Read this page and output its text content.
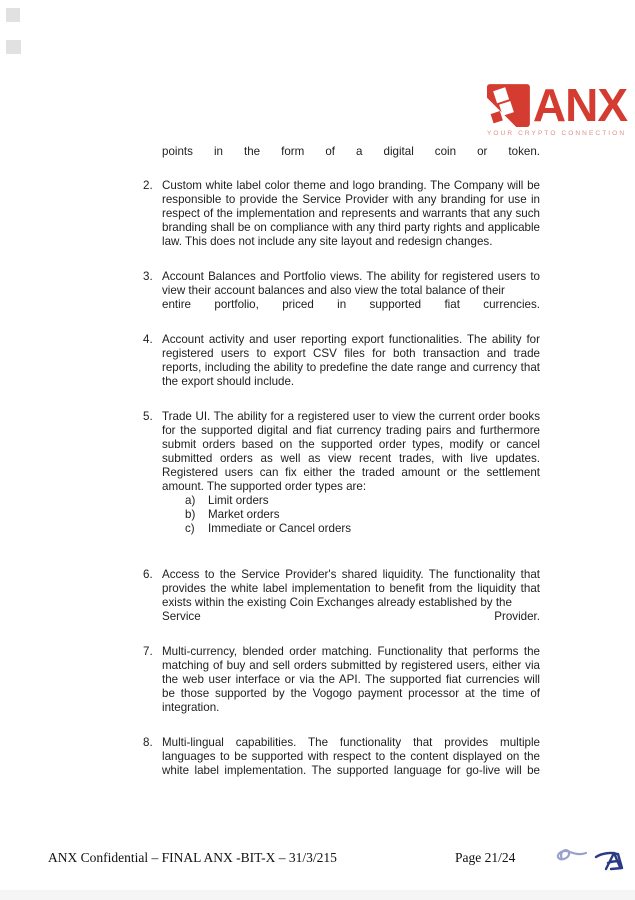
ANX
YOUR CRYPTO CONNECTION
points in the form of a digital coin or token.
2. Custom white label color theme and logo branding. The Company will be responsible to provide the Service Provider with any branding for use in respect of the implementation and represents and warrants that any such branding shall be on compliance with any third party rights and applicable law. This does not include any site layout and redesign changes.
3. Account Balances and Portfolio views. The ability for registered users to view their account balances and also view the total balance of their
entire portfolio, priced in supported fiat currencies.
4. Account activity and user reporting export functionalities. The ability for registered users to export CSV files for both transaction and trade reports, including the ability to predefine the date range and currency that the export should include.
5. Trade UI. The ability for a registered user to view the current order books for the supported digital and fiat currency trading pairs and furthermore submit orders based on the supported order types, modify or cancel submitted orders as well as view recent trades, with live updates. Registered users can fix either the traded amount or the settlement amount. The supported order types are:
a)	Limit orders
b)	Market orders
c)	Immediate or Cancel orders
6. Access to the Service Provider's shared liquidity. The functionality that provides the white label implementation to benefit from the liquidity that exists within the existing Coin Exchanges already established by the
Service Provider.
7. Multi-currency, blended order matching. Functionality that performs the matching of buy and sell orders submitted by registered users, either via the web user interface or via the API. The supported fiat currencies will be those supported by the Vogogo payment processor at the time of integration.
8. Multi-lingual capabilities. The functionality that provides multiple languages to be supported with respect to the content displayed on the white label implementation. The supported language for go-live will be
ANX Confidential – FINAL ANX -BIT-X – 31/3/215	Page 21/24
